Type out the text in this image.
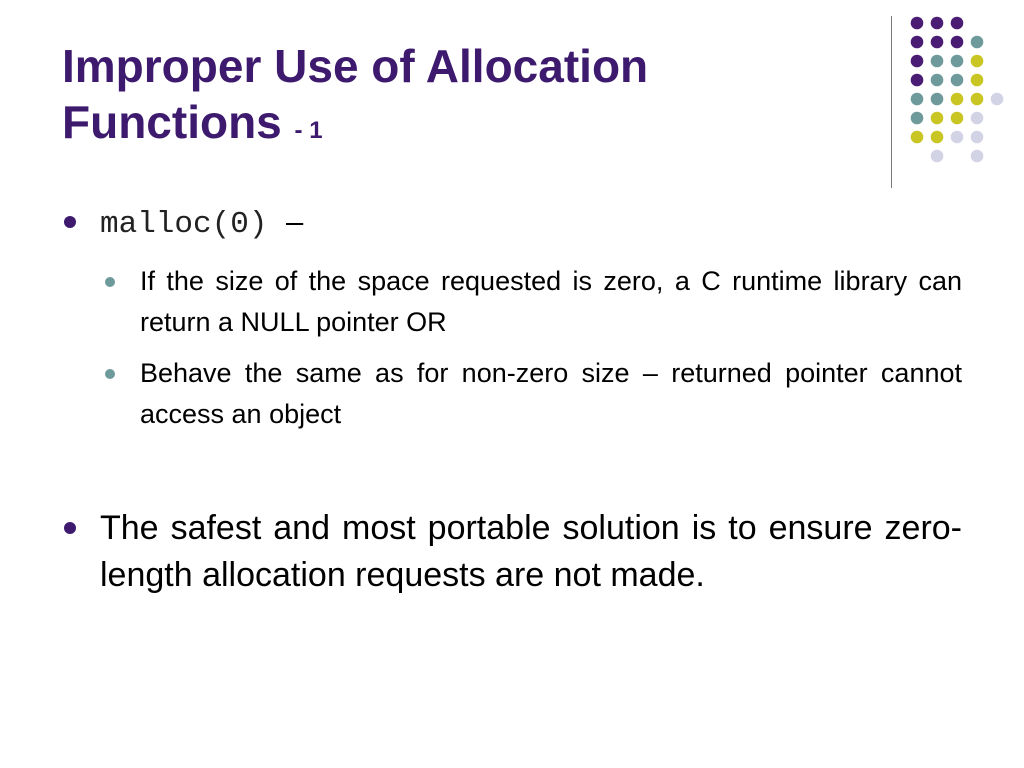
Improper Use of Allocation Functions - 1
malloc(0) –
If the size of the space requested is zero, a C runtime library can return a NULL pointer OR
Behave the same as for non-zero size – returned pointer cannot access an object
The safest and most portable solution is to ensure zero-length allocation requests are not made.
